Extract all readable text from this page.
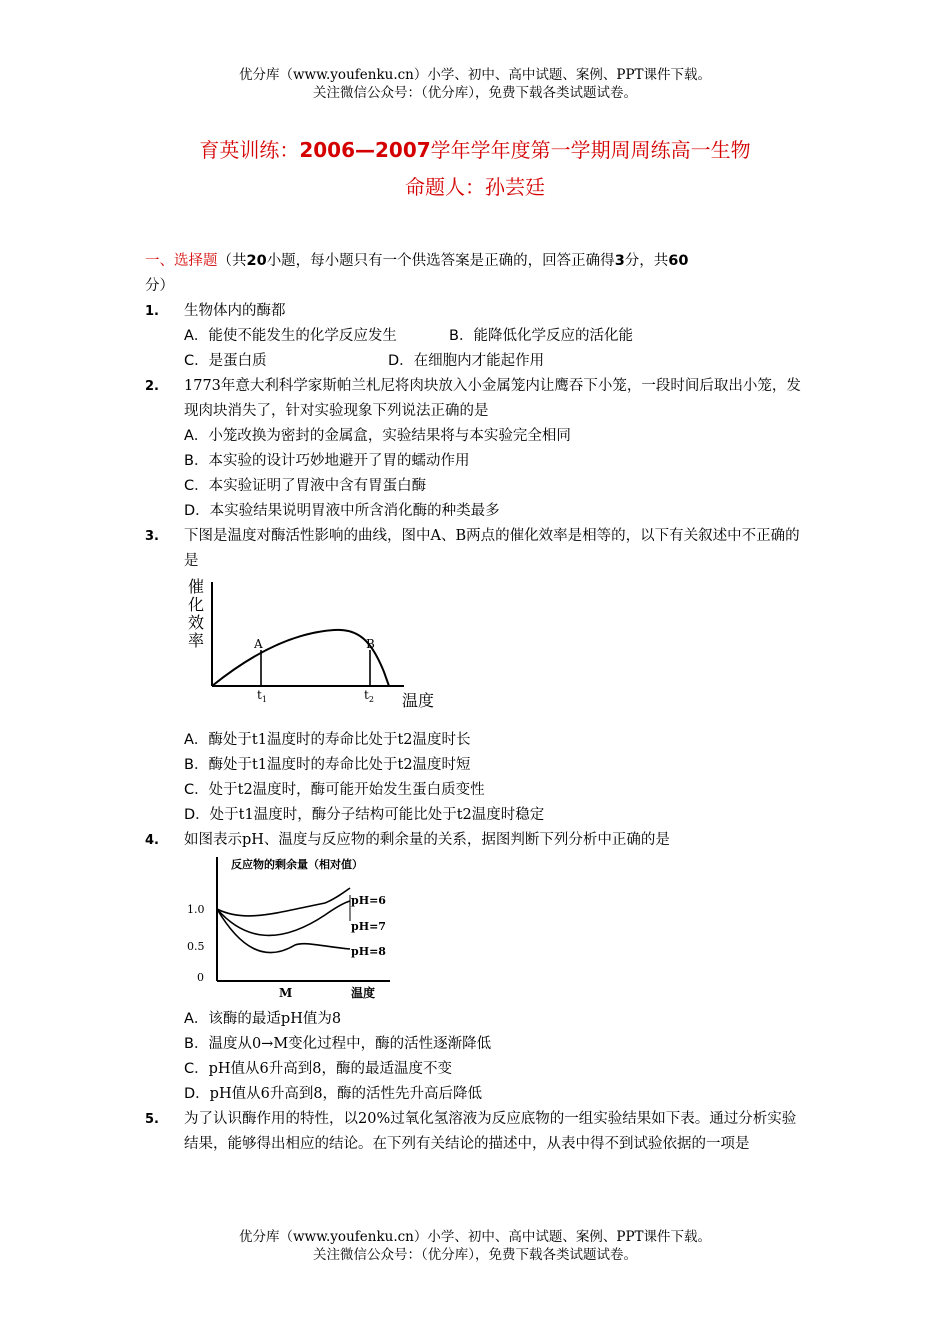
优分库（www.youfenku.cn）小学、初中、高中试题、案例、PPT课件下载。
关注微信公众号：（优分库），免费下载各类试题试卷。
育英训练：2006—2007学年学年度第一学期周周练高一生物
命题人：孙芸廷
一、选择题（共20小题，每小题只有一个供选答案是正确的，回答正确得3分，共60
分）
1. 生物体内的酶都
A．能使不能发生的化学反应发生	B．能降低化学反应的活化能
C．是蛋白质	D．在细胞内才能起作用
2. 1773年意大利科学家斯帕兰札尼将肉块放入小金属笼内让鹰吞下小笼，一段时间后取出小笼，发现肉块消失了，针对实验现象下列说法正确的是
A．小笼改换为密封的金属盒，实验结果将与本实验完全相同
B．本实验的设计巧妙地避开了胃的蠕动作用
C．本实验证明了胃液中含有胃蛋白酶
D．本实验结果说明胃液中所含消化酶的种类最多
3. 下图是温度对酶活性影响的曲线，图中A、B两点的催化效率是相等的，以下有关叙述中不正确的是
催化效率	A	B
$t_1$	$t_2$ 温度
A．酶处于t1温度时的寿命比处于t2温度时长
B．酶处于t1温度时的寿命比处于t2温度时短
C．处于t2温度时，酶可能开始发生蛋白质变性
D．处于t1温度时，酶分子结构可能比处于t2温度时稳定
4. 如图表示pH、温度与反应物的剩余量的关系，据图判断下列分析中正确的是
反应物的剩余量（相对值）
1.0
0.5
0
pH=6
pH=7
pH=8
M	温度
A．该酶的最适pH值为8
B．温度从0→M变化过程中，酶的活性逐渐降低
C．pH值从6升高到8，酶的最适温度不变
D．pH值从6升高到8，酶的活性先升高后降低
5. 为了认识酶作用的特性，以20%过氧化氢溶液为反应底物的一组实验结果如下表。通过分析实验结果，能够得出相应的结论。在下列有关结论的描述中，从表中得不到试验依据的一项是
优分库（www.youfenku.cn）小学、初中、高中试题、案例、PPT课件下载。
关注微信公众号：（优分库），免费下载各类试题试卷。
